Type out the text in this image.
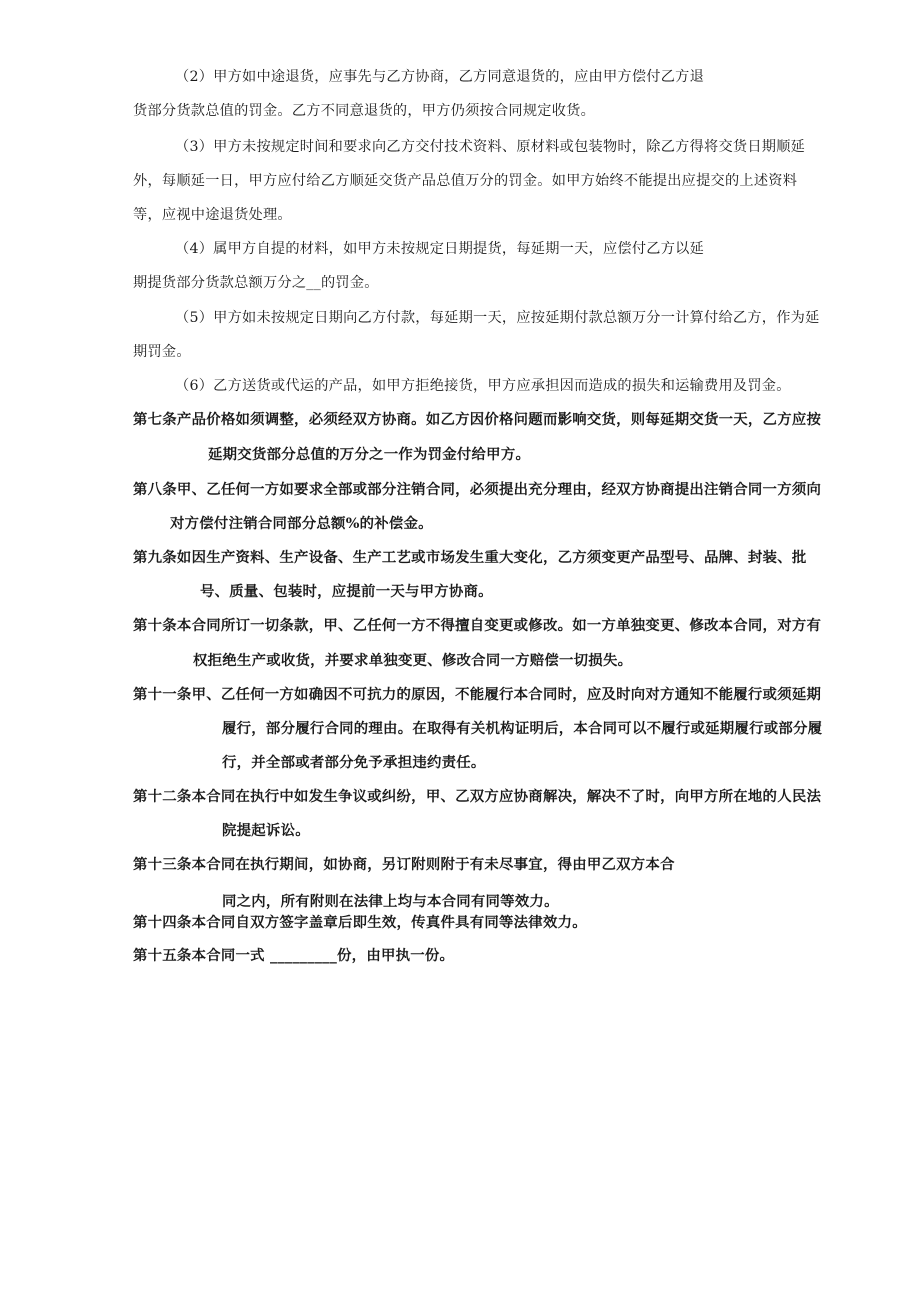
（2）甲方如中途退货，应事先与乙方协商，乙方同意退货的，应由甲方偿付乙方退
货部分货款总值的罚金。乙方不同意退货的，甲方仍须按合同规定收货。
（3）甲方未按规定时间和要求向乙方交付技术资料、原材料或包装物时，除乙方得将交货日期顺延
外，每顺延一日，甲方应付给乙方顺延交货产品总值万分的罚金。如甲方始终不能提出应提交的上述资料
等，应视中途退货处理。
（4）属甲方自提的材料，如甲方未按规定日期提货，每延期一天，应偿付乙方以延
期提货部分货款总额万分之__的罚金。
（5）甲方如未按规定日期向乙方付款，每延期一天，应按延期付款总额万分一计算付给乙方，作为延
期罚金。
（6）乙方送货或代运的产品，如甲方拒绝接货，甲方应承担因而造成的损失和运输费用及罚金。
第七条产品价格如须调整，必须经双方协商。如乙方因价格问题而影响交货，则每延期交货一天，乙方应按
延期交货部分总值的万分之一作为罚金付给甲方。
第八条甲、乙任何一方如要求全部或部分注销合同，必须提出充分理由，经双方协商提出注销合同一方须向
对方偿付注销合同部分总额%的补偿金。
第九条如因生产资料、生产设备、生产工艺或市场发生重大变化，乙方须变更产品型号、品牌、封装、批
号、质量、包装时，应提前一天与甲方协商。
第十条本合同所订一切条款，甲、乙任何一方不得擅自变更或修改。如一方单独变更、修改本合同，对方有
权拒绝生产或收货，并要求单独变更、修改合同一方赔偿一切损失。
第十一条甲、乙任何一方如确因不可抗力的原因，不能履行本合同时，应及时向对方通知不能履行或须延期
履行，部分履行合同的理由。在取得有关机构证明后，本合同可以不履行或延期履行或部分履
行，并全部或者部分免予承担违约责任。
第十二条本合同在执行中如发生争议或纠纷，甲、乙双方应协商解决，解决不了时，向甲方所在地的人民法
院提起诉讼。
第十三条本合同在执行期间，如协商，另订附则附于有未尽事宜，得由甲乙双方本合
同之内，所有附则在法律上均与本合同有同等效力。
第十四条本合同自双方签字盖章后即生效，传真件具有同等法律效力。
第十五条本合同一式 _________份，由甲执一份。
